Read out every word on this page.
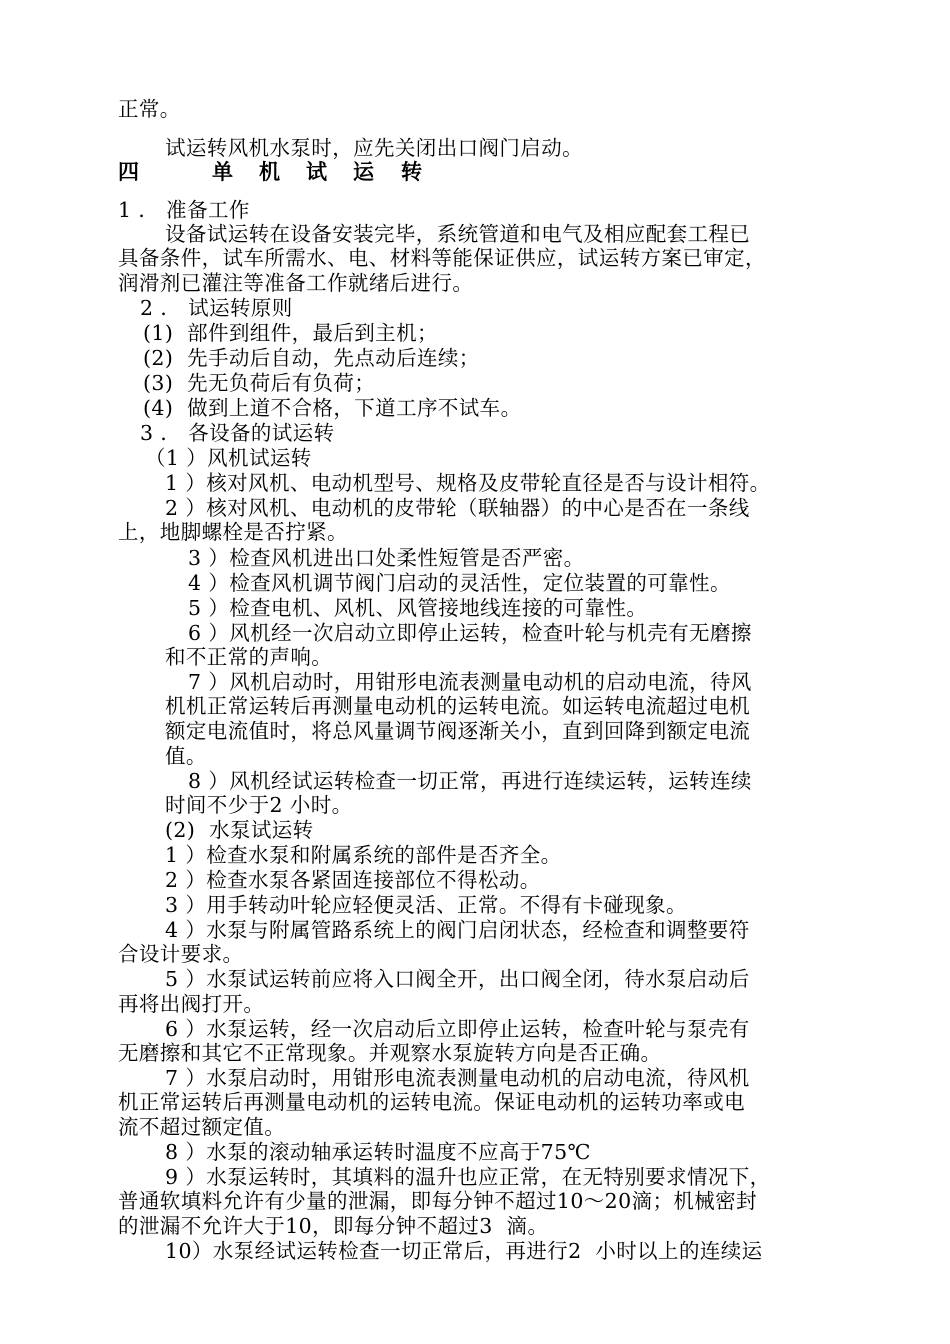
正常。
试运转风机水泵时，应先关闭出口阀门启动。

四

	单

机

试

运

转

1 ． 准备工作
设备试运转在设备安装完毕，系统管道和电气及相应配套工程已
具备条件，试车所需水、电、材料等能保证供应，试运转方案已审定，
润滑剂已灌注等准备工作就绪后进行。
2 ． 试运转原则
(1)  部件到组件，最后到主机；
(2)  先手动后自动，先点动后连续；
(3)  先无负荷后有负荷；
(4)  做到上道不合格，下道工序不试车。
3 ． 各设备的试运转
（1 ）风机试运转
1 ）核对风机、电动机型号、规格及皮带轮直径是否与设计相符。
2 ）核对风机、电动机的皮带轮（联轴器）的中心是否在一条线
上，地脚螺栓是否拧紧。
3 ）检查风机进出口处柔性短管是否严密。
4 ）检查风机调节阀门启动的灵活性，定位装置的可靠性。
5 ）检查电机、风机、风管接地线连接的可靠性。
6 ）风机经一次启动立即停止运转，检查叶轮与机壳有无磨擦
和不正常的声响。
7 ）风机启动时，用钳形电流表测量电动机的启动电流，待风
机机正常运转后再测量电动机的运转电流。如运转电流超过电机
额定电流值时，将总风量调节阀逐渐关小，直到回降到额定电流
值。
8 ）风机经试运转检查一切正常，再进行连续运转，运转连续
时间不少于2 小时。
(2)  水泵试运转
1 ）检查水泵和附属系统的部件是否齐全。
2 ）检查水泵各紧固连接部位不得松动。
3 ）用手转动叶轮应轻便灵活、正常。不得有卡碰现象。
4 ）水泵与附属管路系统上的阀门启闭状态，经检查和调整要符
合设计要求。
5 ）水泵试运转前应将入口阀全开，出口阀全闭，待水泵启动后
再将出阀打开。
6 ）水泵运转，经一次启动后立即停止运转，检查叶轮与泵壳有
无磨擦和其它不正常现象。并观察水泵旋转方向是否正确。
7 ）水泵启动时，用钳形电流表测量电动机的启动电流，待风机
机正常运转后再测量电动机的运转电流。保证电动机的运转功率或电
流不超过额定值。
8 ）水泵的滚动轴承运转时温度不应高于75℃
9 ）水泵运转时，其填料的温升也应正常，在无特别要求情况下，
普通软填料允许有少量的泄漏，即每分钟不超过10～20滴；机械密封
的泄漏不允许大于10，即每分钟不超过3  滴。
10）水泵经试运转检查一切正常后，再进行2  小时以上的连续运
